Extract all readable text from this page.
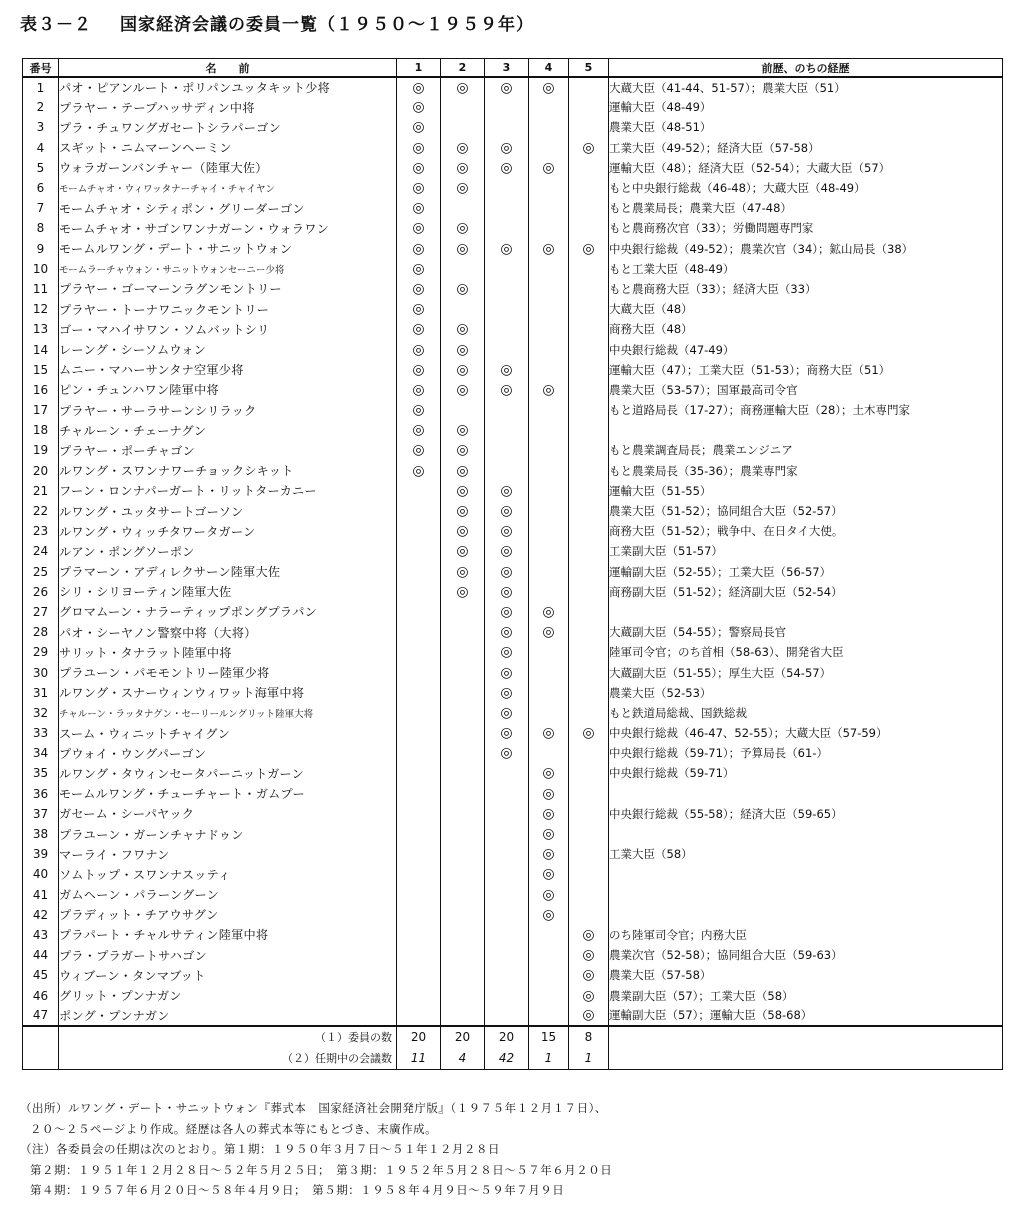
表３－２ 国家経済会議の委員一覧（１９５０～１９５９年）
番号	名　　前	1	2	3	4	5	前歴、のちの経歴
1	パオ・ピアンルート・ポリパンユッタキット少将	◎	◎	◎	◎		大蔵大臣（41-44、51-57）；農業大臣（51）
2	プラヤー・テープハッサディン中将	◎					運輸大臣（48-49）
3	プラ・チュワングガセートシラパーゴン	◎					農業大臣（48-51）
4	スギット・ニムマーンヘーミン	◎	◎	◎		◎	工業大臣（49-52）；経済大臣（57-58）
5	ウォラガーンバンチャー（陸軍大佐）	◎	◎	◎	◎		運輸大臣（48）；経済大臣（52-54）；大蔵大臣（57）
6	モームチャオ・ウィワッタナーチャイ・チャイヤン	◎	◎				もと中央銀行総裁（46-48）；大蔵大臣（48-49）
7	モームチャオ・シティポン・グリーダーゴン	◎					もと農業局長；農業大臣（47-48）
8	モームチャオ・サゴンワンナガーン・ウォラワン	◎	◎				もと農商務次官（33）；労働問題専門家
9	モームルワング・デート・サニットウォン	◎	◎	◎	◎	◎	中央銀行総裁（49-52）；農業次官（34）；鉱山局長（38）
10	モームラーチャウォン・サニットウォンセーニー少将	◎					もと工業大臣（48-49）
11	プラヤー・ゴーマーンラグンモントリー	◎	◎				もと農商務大臣（33）；経済大臣（33）
12	プラヤー・トーナワニックモントリー	◎					大蔵大臣（48）
13	ゴー・マハイサワン・ソムバットシリ	◎	◎				商務大臣（48）
14	レーング・シーソムウォン	◎	◎				中央銀行総裁（47-49）
15	ムニー・マハーサンタナ空軍少将	◎	◎	◎			運輸大臣（47）；工業大臣（51-53）；商務大臣（51）
16	ピン・チュンハワン陸軍中将	◎	◎	◎	◎		農業大臣（53-57）；国軍最高司令官
17	プラヤー・サーラサーンシリラック	◎					もと道路局長（17-27）；商務運輸大臣（28）；土木専門家
18	チャルーン・チェーナグン	◎	◎				
19	プラヤー・ポーチャゴン	◎	◎				もと農業調査局長；農業エンジニア
20	ルワング・スワンナワーチョックシキット	◎	◎				もと農業局長（35-36）；農業専門家
21	フーン・ロンナパーガート・リットターカニー		◎	◎			運輸大臣（51-55）
22	ルワング・ユッタサートゴーソン		◎	◎			農業大臣（51-52）；協同組合大臣（52-57）
23	ルワング・ウィッチタワータガーン		◎	◎			商務大臣（51-52）；戦争中、在日タイ大使。
24	ルアン・ポングソーポン		◎	◎			工業副大臣（51-57）
25	プラマーン・アディレクサーン陸軍大佐		◎	◎			運輸副大臣（52-55）；工業大臣（56-57）
26	シリ・シリヨーティン陸軍大佐		◎	◎			商務副大臣（51-52）；経済副大臣（52-54）
27	グロマムーン・ナラーティップポングプラパン			◎	◎		
28	パオ・シーヤノン警察中将（大将）			◎	◎		大蔵副大臣（54-55）；警察局長官
29	サリット・タナラット陸軍中将			◎			陸軍司令官；のち首相（58-63）、開発省大臣
30	プラユーン・パモモントリー陸軍少将			◎			大蔵副大臣（51-55）；厚生大臣（54-57）
31	ルワング・スナーウィンウィワット海軍中将			◎			農業大臣（52-53）
32	チャルーン・ラッタナグン・セーリールングリット陸軍大将			◎			もと鉄道局総裁、国鉄総裁
33	スーム・ウィニットチャイグン			◎	◎	◎	中央銀行総裁（46-47、52-55）；大蔵大臣（57-59）
34	プウォイ・ウングパーゴン			◎			中央銀行総裁（59-71）；予算局長（61-）
35	ルワング・タウィンセータパーニットガーン				◎		中央銀行総裁（59-71）
36	モームルワング・チューチャート・ガムプー				◎		
37	ガセーム・シーパヤック				◎		中央銀行総裁（55-58）；経済大臣（59-65）
38	プラユーン・ガーンチャナドゥン				◎		
39	マーライ・フワナン				◎		工業大臣（58）
40	ソムトップ・スワンナスッティ				◎		
41	ガムヘーン・パラーングーン				◎		
42	プラディット・チアウサグン				◎		
43	プラパート・チャルサティン陸軍中将					◎	のち陸軍司令官；内務大臣
44	プラ・プラガートサハゴン					◎	農業次官（52-58）；協同組合大臣（59-63）
45	ウィブーン・タンマブット					◎	農業大臣（57-58）
46	グリット・プンナガン					◎	農業副大臣（57）；工業大臣（58）
47	ポング・プンナガン					◎	運輸副大臣（57）；運輸大臣（58-68）
	（１）委員の数	20	20	20	15	8	
	（２）任期中の会議数	11	4	42	1	1	
（出所）ルワング・デート・サニットウォン『葬式本　国家経済社会開発庁版』（１９７５年１２月１７日）、
２０～２５ページより作成。経歴は各人の葬式本等にもとづき、末廣作成。
（注）各委員会の任期は次のとおり。第１期：１９５０年３月７日～５１年１２月２８日
第２期：１９５１年１２月２８日～５２年５月２５日；　第３期：１９５２年５月２８日～５７年６月２０日
第４期：１９５７年６月２０日～５８年４月９日；　第５期：１９５８年４月９日～５９年７月９日
